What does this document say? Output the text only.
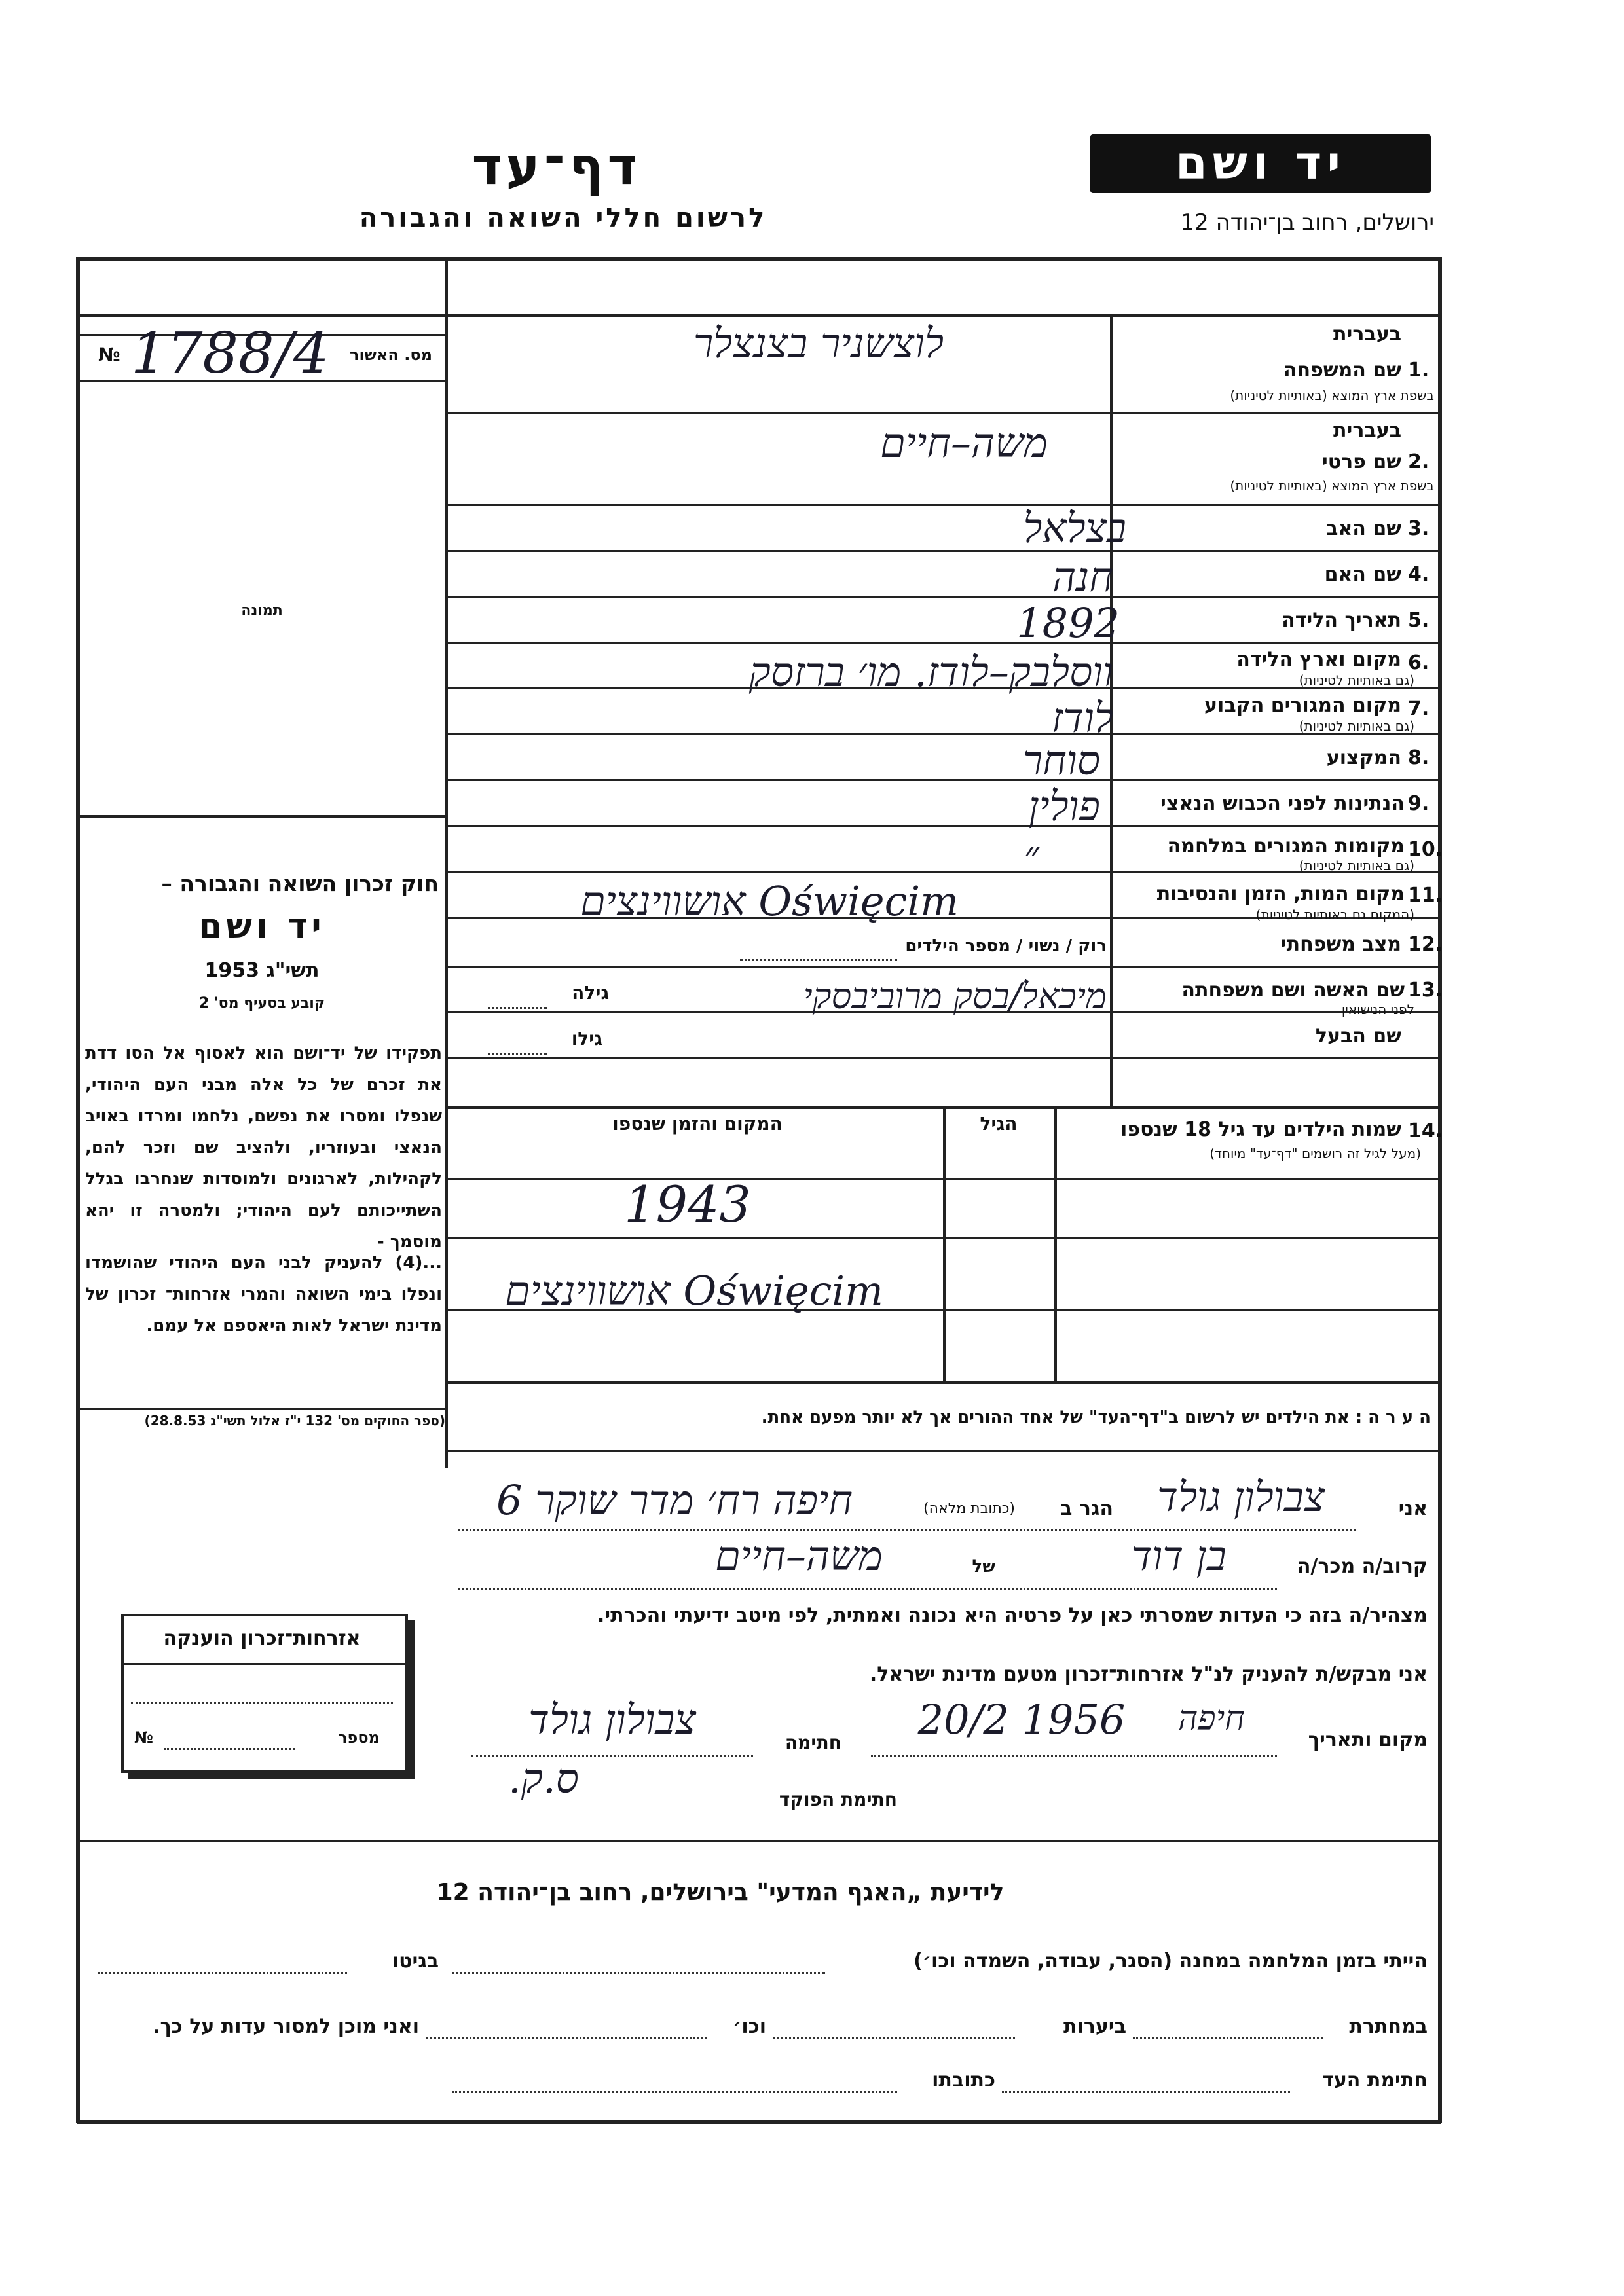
יד ושם
ירושלים, רחוב בן־יהודה 12
דף־עד
לרשום חללי השואה והגבורה
№ 1788/4	מס. האשור
תמונה
חוק זכרון השואה והגבורה –
יד ושם
תשי"ג 1953
קובע בסעיף מס' 2
תפקידו של יד־ושם הוא לאסוף אל הסו דדת את זכרם של כל אלה מבני העם היהודי, שנפלו ומסרו את נפשם, נלחמו ומרדו באויב הנאצי ובעוזריו, ולהציב שם וזכר להם, לקהילות, לארגונים ולמוסדות שנחרבו בגלל השתייכותם לעם היהודי; ולמטרה זו יהא מוסמך -
...(4) להעניק לבני העם היהודי שהושמדו ונפלו בימי השואה והמרי אזרחות־ זכרון של מדינת ישראל לאות היאספם אל עמם.
(ספר החוקים מס' 132 י"ז אלול תשי"ג 28.8.53)
1.
בעברית
שם המשפחה
בשפת ארץ המוצא (באותיות לטיניות)
לוצשניר בצנצלר
2.
בעברית
שם פרטי
בשפת ארץ המוצא (באותיות לטיניות)
משה–חיים
3.
שם האב
בצלאל
4.
שם האם
חנה
5.
תאריך הלידה
1892
6.
מקום וארץ הלידה
(גם באותיות לטיניות)
ווסלבק–לודז. מו׳ ברזסק
7.
מקום המגורים הקבוע
(גם באותיות לטיניות)
לודז
8.
המקצוע
סוחר
9.
הנתינות לפני הכבוש הנאצי
פולין
10.
מקומות המגורים במלחמה
(גם באותיות לטיניות)
״
11.
מקום המות, הזמן והנסיבות
(המקום גם באותיות לטיניות)
Oświęcim אושווינצים
12.
מצב משפחתי
רוק / נשוי / מספר הילדים
13.
שם האשה ושם משפחתה
לפני הנישואין
מיכאל/בסק מרוביבסקי
גילה
שם הבעל
גילו
14.
שמות הילדים עד גיל 18 שנספו
(מעל לגיל זה רושמים "דף־עד" מיוחד)
הגיל
המקום והזמן שנספו
1943
Oświęcim אושווינצים
ה ע ר ה : את הילדים יש לרשום ב"דף־העד" של אחד ההורים אך לא יותר מפעם אחת.
אני
צבולון גולד
הגר ב
(כתובת מלאה)
חיפה רח׳ מדר שוקר 6
קרוב/ה מכר/ה
בן דוד
של
משה–חיים
מצהיר/ה בזה כי העדות שמסרתי כאן על פרטיה היא נכונה ואמתית, לפי מיטב ידיעתי והכרתי.
אני מבקש/ת להעניק לנ"ל אזרחות־זכרון מטעם מדינת ישראל.
מקום ותאריך
חיפה
20/2 1956
חתימה
צבולון גולד
ס.ק.	חתימת הפוקד
אזרחות־זכרון הוענקה
מספר
№
לידיעת „האגף המדעי" בירושלים, רחוב בן־יהודה 12
הייתי בזמן המלחמה במחנה (הסגר, עבודה, השמדה וכו׳)
בגיטו
במחתרת
ביערות
וכו׳
ואני מוכן למסור עדות על כך.
חתימת העד
כתובתו
